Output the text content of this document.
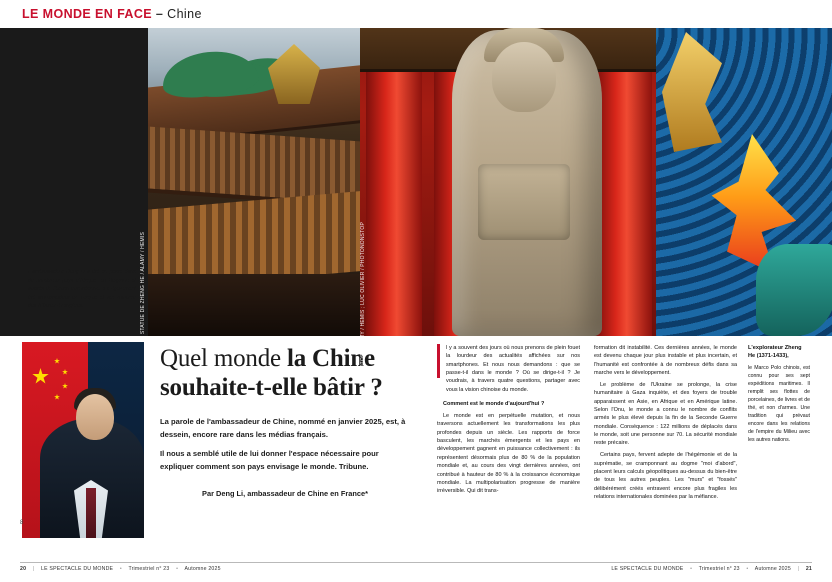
LE MONDE EN FACE – Chine
STATUE DE ZHENG HE / ALAMY / HEMIS	PHOTOS : ALAMY / HEMIS ; LUC OLIVIER / PHOTONONSTOP
L'ambassadeur Deng Li a été en poste dans de nombreux pays d'Afrique, en Belgique et auprès de l'Union européenne. Il a également été ambassadeur en Turquie et vice-ministre des Affaires étrangères.
Quel monde la Chine
souhaite-t-elle bâtir ?

La parole de l'ambassadeur de Chine, nommé en janvier 2025, est, à dessein, encore rare dans les médias français.

Il nous a semblé utile de lui donner l'espace nécessaire pour expliquer comment son pays envisage le monde. Tribune.

Par Deng Li, ambassadeur de Chine en France*

l y a souvent des jours où nous prenons de plein fouet la lourdeur des actualités affichées sur nos smartphones. Et nous nous demandons : que se passe-t-il dans le monde ? Où se dirige-t-il ? Je voudrais, à travers quatre questions, partager avec vous la vision chinoise du monde.

Comment est le monde d'aujourd'hui ?

Le monde est en perpétuelle mutation, et nous traversons actuellement les transformations les plus profondes depuis un siècle. Les rapports de force basculent, les marchés émergents et les pays en développement gagnent en puissance collectivement : ils représentent désormais plus de 80 % de la population mondiale et, au cours des vingt dernières années, ont contribué à hauteur de 80 % à la croissance économique mondiale. La multipolarisation progresse de manière irréversible. Qui dit trans-

formation dit instabilité. Ces dernières années, le monde est devenu chaque jour plus instable et plus incertain, et l'humanité est confrontée à de nombreux défis dans sa marche vers le développement.

Le problème de l'Ukraine se prolonge, la crise humanitaire à Gaza inquiète, et des foyers de trouble apparaissent en Asie, en Afrique et en Amérique latine. Selon l'Onu, le monde a connu le nombre de conflits armés le plus élevé depuis la fin de la Seconde Guerre mondiale. Conséquence : 122 millions de déplacés dans le monde, soit une personne sur 70. La sécurité mondiale reste précaire.

Certains pays, fervent adepte de l'hégémonie et de la suprématie, se cramponnant au dogme "moi d'abord", placent leurs calculs géopolitiques au-dessus du bien-être de tous les autres peuples. Les "murs" et "fossés" délibérément créés entravent encore plus fragiles les relations internationales dominées par la méfiance.

L'explorateur Zheng He (1371-1433),

le Marco Polo chinois, est connu pour ses sept expéditions maritimes. Il remplit ses flottes de porcelaines, de livres et de thé, et non d'armes. Une tradition qui prévaut encore dans les relations de l'empire du Milieu avec les autres nations.

8
20 | LE SPECTACLE DU MONDE • Trimestriel n° 23 • Automne 2025	LE SPECTACLE DU MONDE • Trimestriel n° 23 • Automne 2025 | 21
